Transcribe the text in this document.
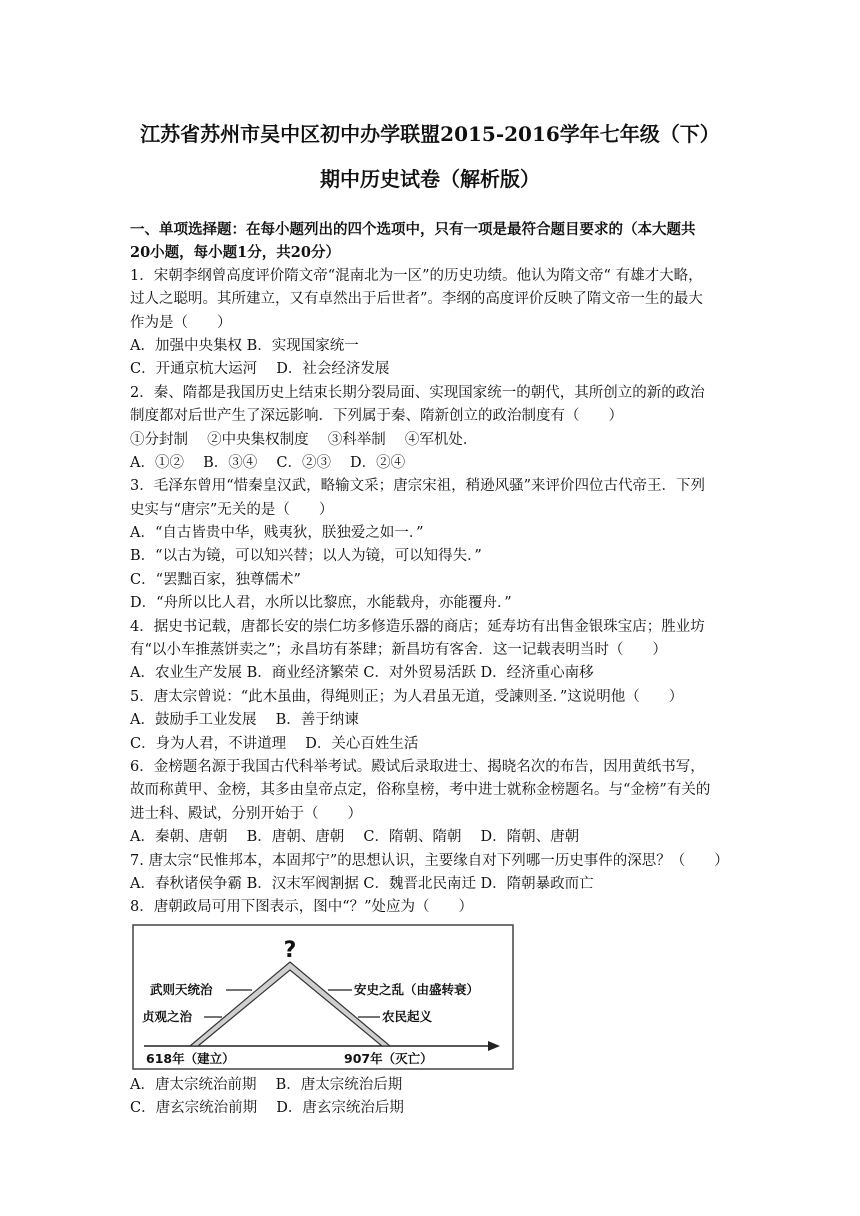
江苏省苏州市吴中区初中办学联盟2015-2016学年七年级（下）
期中历史试卷（解析版）
一、单项选择题：在每小题列出的四个选项中，只有一项是最符合题目要求的（本大题共
20小题，每小题1分，共20分）
1．宋朝李纲曾高度评价隋文帝“混南北为一区”的历史功绩。他认为隋文帝“ 有雄才大略，
过人之聪明。其所建立，又有卓然出于后世者”。李纲的高度评价反映了隋文帝一生的最大
作为是（　　）
A．加强中央集权 B．实现国家统一
C．开通京杭大运河　 D．社会经济发展
2．秦、隋都是我国历史上结束长期分裂局面、实现国家统一的朝代，其所创立的新的政治
制度都对后世产生了深远影响．下列属于秦、隋新创立的政治制度有（　　）
①分封制　 ②中央集权制度　 ③科举制　 ④军机处．
A．①②　 B．③④　 C．②③　 D．②④
3．毛泽东曾用“惜秦皇汉武，略输文采；唐宗宋祖，稍逊风骚”来评价四位古代帝王．下列
史实与“唐宗”无关的是（　　）
A．“自古皆贵中华，贱夷狄，朕独爱之如一．”
B．“以古为镜，可以知兴替；以人为镜，可以知得失．”
C．“罢黜百家，独尊儒术”
D．“舟所以比人君，水所以比黎庶，水能载舟，亦能覆舟．”
4．据史书记载，唐都长安的崇仁坊多修造乐器的商店；延寿坊有出售金银珠宝店；胜业坊
有“以小车推蒸饼卖之”；永昌坊有茶肆；新昌坊有客舍．这一记载表明当时（　　）
A．农业生产发展 B．商业经济繁荣 C．对外贸易活跃 D．经济重心南移
5．唐太宗曾说：“此木虽曲，得绳则正；为人君虽无道，受諫则圣．”这说明他（　　）
A．鼓励手工业发展　 B．善于纳谏
C．身为人君，不讲道理　 D．关心百姓生活
6．金榜题名源于我国古代科举考试。殿试后录取进士、揭晓名次的布告，因用黄纸书写，
故而称黄甲、金榜，其多由皇帝点定，俗称皇榜，考中进士就称金榜题名。与“金榜”有关的
进士科、殿试，分别开始于（　　）
A．秦朝、唐朝　 B．唐朝、唐朝　 C．隋朝、隋朝　 D．隋朝、唐朝
7. 唐太宗“民惟邦本，本固邦宁”的思想认识，主要缘自对下列哪一历史事件的深思？（　　）
A．春秋诸侯争霸 B．汉末军阀割据 C．魏晋北民南迁 D．隋朝暴政而亡
8．唐朝政局可用下图表示，图中“？”处应为（　　）
?
武则天统治
贞观之治
安史之乱（由盛转衰）
农民起义
618年（建立）	907年（灭亡）
A．唐太宗统治前期　 B．唐太宗统治后期
C．唐玄宗统治前期　 D．唐玄宗统治后期
